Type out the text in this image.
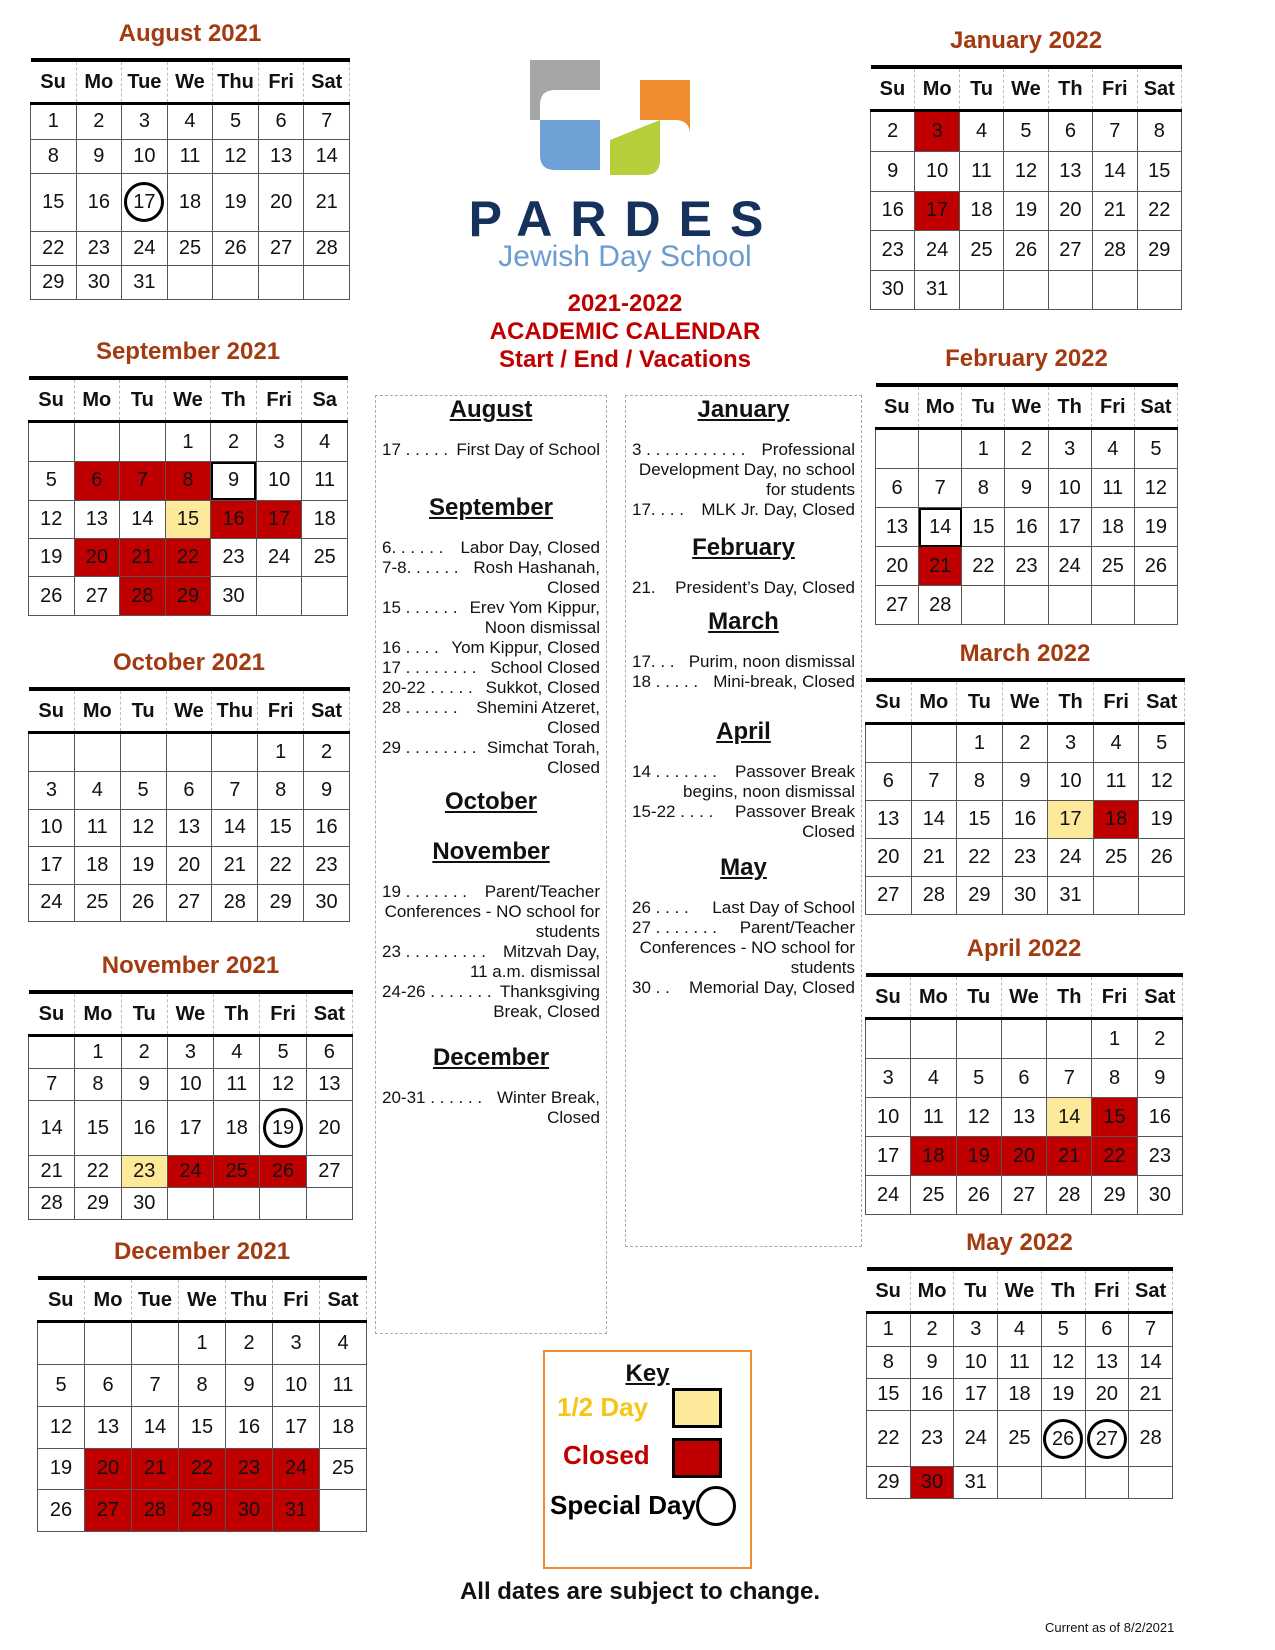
PARDES
Jewish Day School
2021-2022
ACADEMIC CALENDAR
Start / End / Vacations
August 2021
Su	Mo	Tue	We	Thu	Fri	Sat
1	2	3	4	5	6	7
8	9	10	11	12	13	14
15	16	17	18	19	20	21
22	23	24	25	26	27	28
29	30	31				
September 2021
Su	Mo	Tu	We	Th	Fri	Sa
			1	2	3	4
5	6	7	8	9	10	11
12	13	14	15	16	17	18
19	20	21	22	23	24	25
26	27	28	29	30		
October 2021
Su	Mo	Tu	We	Thu	Fri	Sat
					1	2
3	4	5	6	7	8	9
10	11	12	13	14	15	16
17	18	19	20	21	22	23
24	25	26	27	28	29	30
November 2021
Su	Mo	Tu	We	Th	Fri	Sat
	1	2	3	4	5	6
7	8	9	10	11	12	13
14	15	16	17	18	19	20
21	22	23	24	25	26	27
28	29	30				
December 2021
Su	Mo	Tue	We	Thu	Fri	Sat
			1	2	3	4
5	6	7	8	9	10	11
12	13	14	15	16	17	18
19	20	21	22	23	24	25
26	27	28	29	30	31	
January 2022
Su	Mo	Tu	We	Th	Fri	Sat
2	3	4	5	6	7	8
9	10	11	12	13	14	15
16	17	18	19	20	21	22
23	24	25	26	27	28	29
30	31					
February 2022
Su	Mo	Tu	We	Th	Fri	Sat
		1	2	3	4	5
6	7	8	9	10	11	12
13	14	15	16	17	18	19
20	21	22	23	24	25	26
27	28					
March 2022
Su	Mo	Tu	We	Th	Fri	Sat
		1	2	3	4	5
6	7	8	9	10	11	12
13	14	15	16	17	18	19
20	21	22	23	24	25	26
27	28	29	30	31		
April 2022
Su	Mo	Tu	We	Th	Fri	Sat
					1	2
3	4	5	6	7	8	9
10	11	12	13	14	15	16
17	18	19	20	21	22	23
24	25	26	27	28	29	30
May 2022
Su	Mo	Tu	We	Th	Fri	Sat
1	2	3	4	5	6	7
8	9	10	11	12	13	14
15	16	17	18	19	20	21
22	23	24	25	26	27	28
29	30	31				
August
17 . . . . . First Day of School
September
6. . . . . .	Labor Day, Closed
7-8. . . . . . Rosh Hashanah, Closed
15 . . . . . . Erev Yom Kippur, Noon dismissal
16 . . . . Yom Kippur, Closed
17 . . . . . . . . School Closed
20-22 . . . . . Sukkot, Closed
28 . . . . . .	Shemini Atzeret, Closed
29 . . . . . . . . Simchat Torah, Closed
October
November
19 . . . . . . .	Parent/Teacher Conferences - NO school for students
23 . . . . . . . . .	Mitzvah Day, 11 a.m. dismissal
24-26 . . . . . . . Thanksgiving Break, Closed
December
20-31 . . . . . . Winter Break, Closed
January
3 . . . . . . . . . . . Professional Development Day, no school for students
17. . . .	MLK Jr. Day, Closed
February
21.	President’s Day, Closed
March
17. . . Purim, noon dismissal
18 . . . . . Mini-break, Closed
April
14 . . . . . . .	Passover Break begins, noon dismissal
15-22 . . . .	Passover Break Closed
May
26 . . . .	Last Day of School
27 . . . . . . .	Parent/Teacher Conferences - NO school for students
30 . .	Memorial Day, Closed
Key
1/2 Day
Closed
Special Day
All dates are subject to change.
Current as of 8/2/2021
